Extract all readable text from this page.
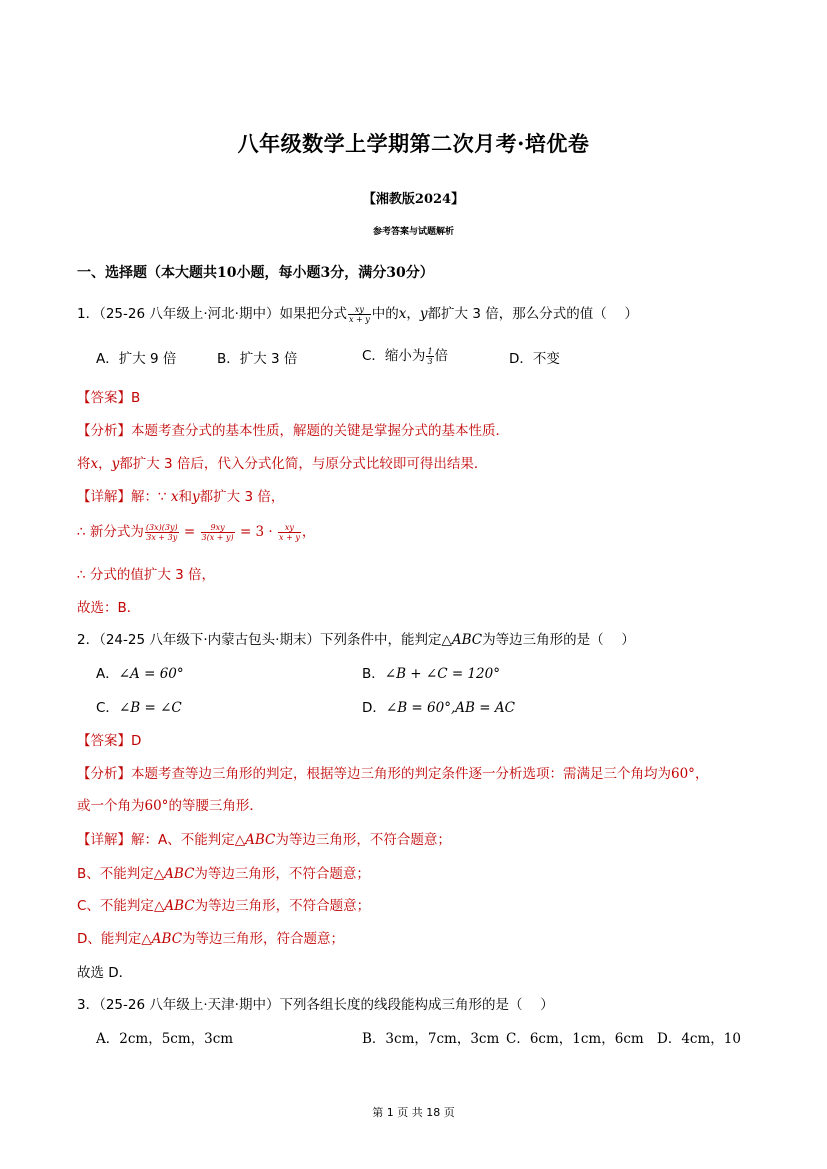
八年级数学上学期第二次月考·培优卷
【湘教版2024】
参考答案与试题解析
一、选择题（本大题共10小题，每小题3分，满分30分）
1．（25-26 八年级上·河北·期中）如果把分式 $\frac{xy}{x + y}$ 中的x，y都扩大 3 倍，那么分式的值（　 ）
A．扩大 9 倍	B．扩大 3 倍	C．缩小为 $\frac{1}{3}$ 倍	D．不变
【答案】B
【分析】本题考查分式的基本性质，解题的关键是掌握分式的基本性质．
将x，y都扩大 3 倍后，代入分式化简，与原分式比较即可得出结果．
【详解】解：∵ x和y都扩大 3 倍，
∴ 新分式为 $\frac{(3x)(3y)}{3x + 3y} = \frac{9xy}{3(x + y)} = 3 \cdot \frac{xy}{x + y}$ ，
∴ 分式的值扩大 3 倍，
故选：B．
2．（24-25 八年级下·内蒙古包头·期末）下列条件中，能判定△ABC为等边三角形的是（　 ）
A．∠A = 60°	B．∠B + ∠C = 120°
C．∠B = ∠C	D．∠B = 60°,AB = AC
【答案】D
【分析】本题考查等边三角形的判定，根据等边三角形的判定条件逐一分析选项：需满足三个角均为60°，
或一个角为60°的等腰三角形．
【详解】解：A、不能判定△ABC为等边三角形，不符合题意；
B、不能判定△ABC为等边三角形，不符合题意；
C、不能判定△ABC为等边三角形，不符合题意；
D、能判定△ABC为等边三角形，符合题意；
故选 D．
3．（25-26 八年级上·天津·期中）下列各组长度的线段能构成三角形的是（　 ）
A．2cm，5cm，3cm	B．3cm，7cm，3cm C．6cm，1cm，6cm D．4cm，10
第 1 页 共 18 页
